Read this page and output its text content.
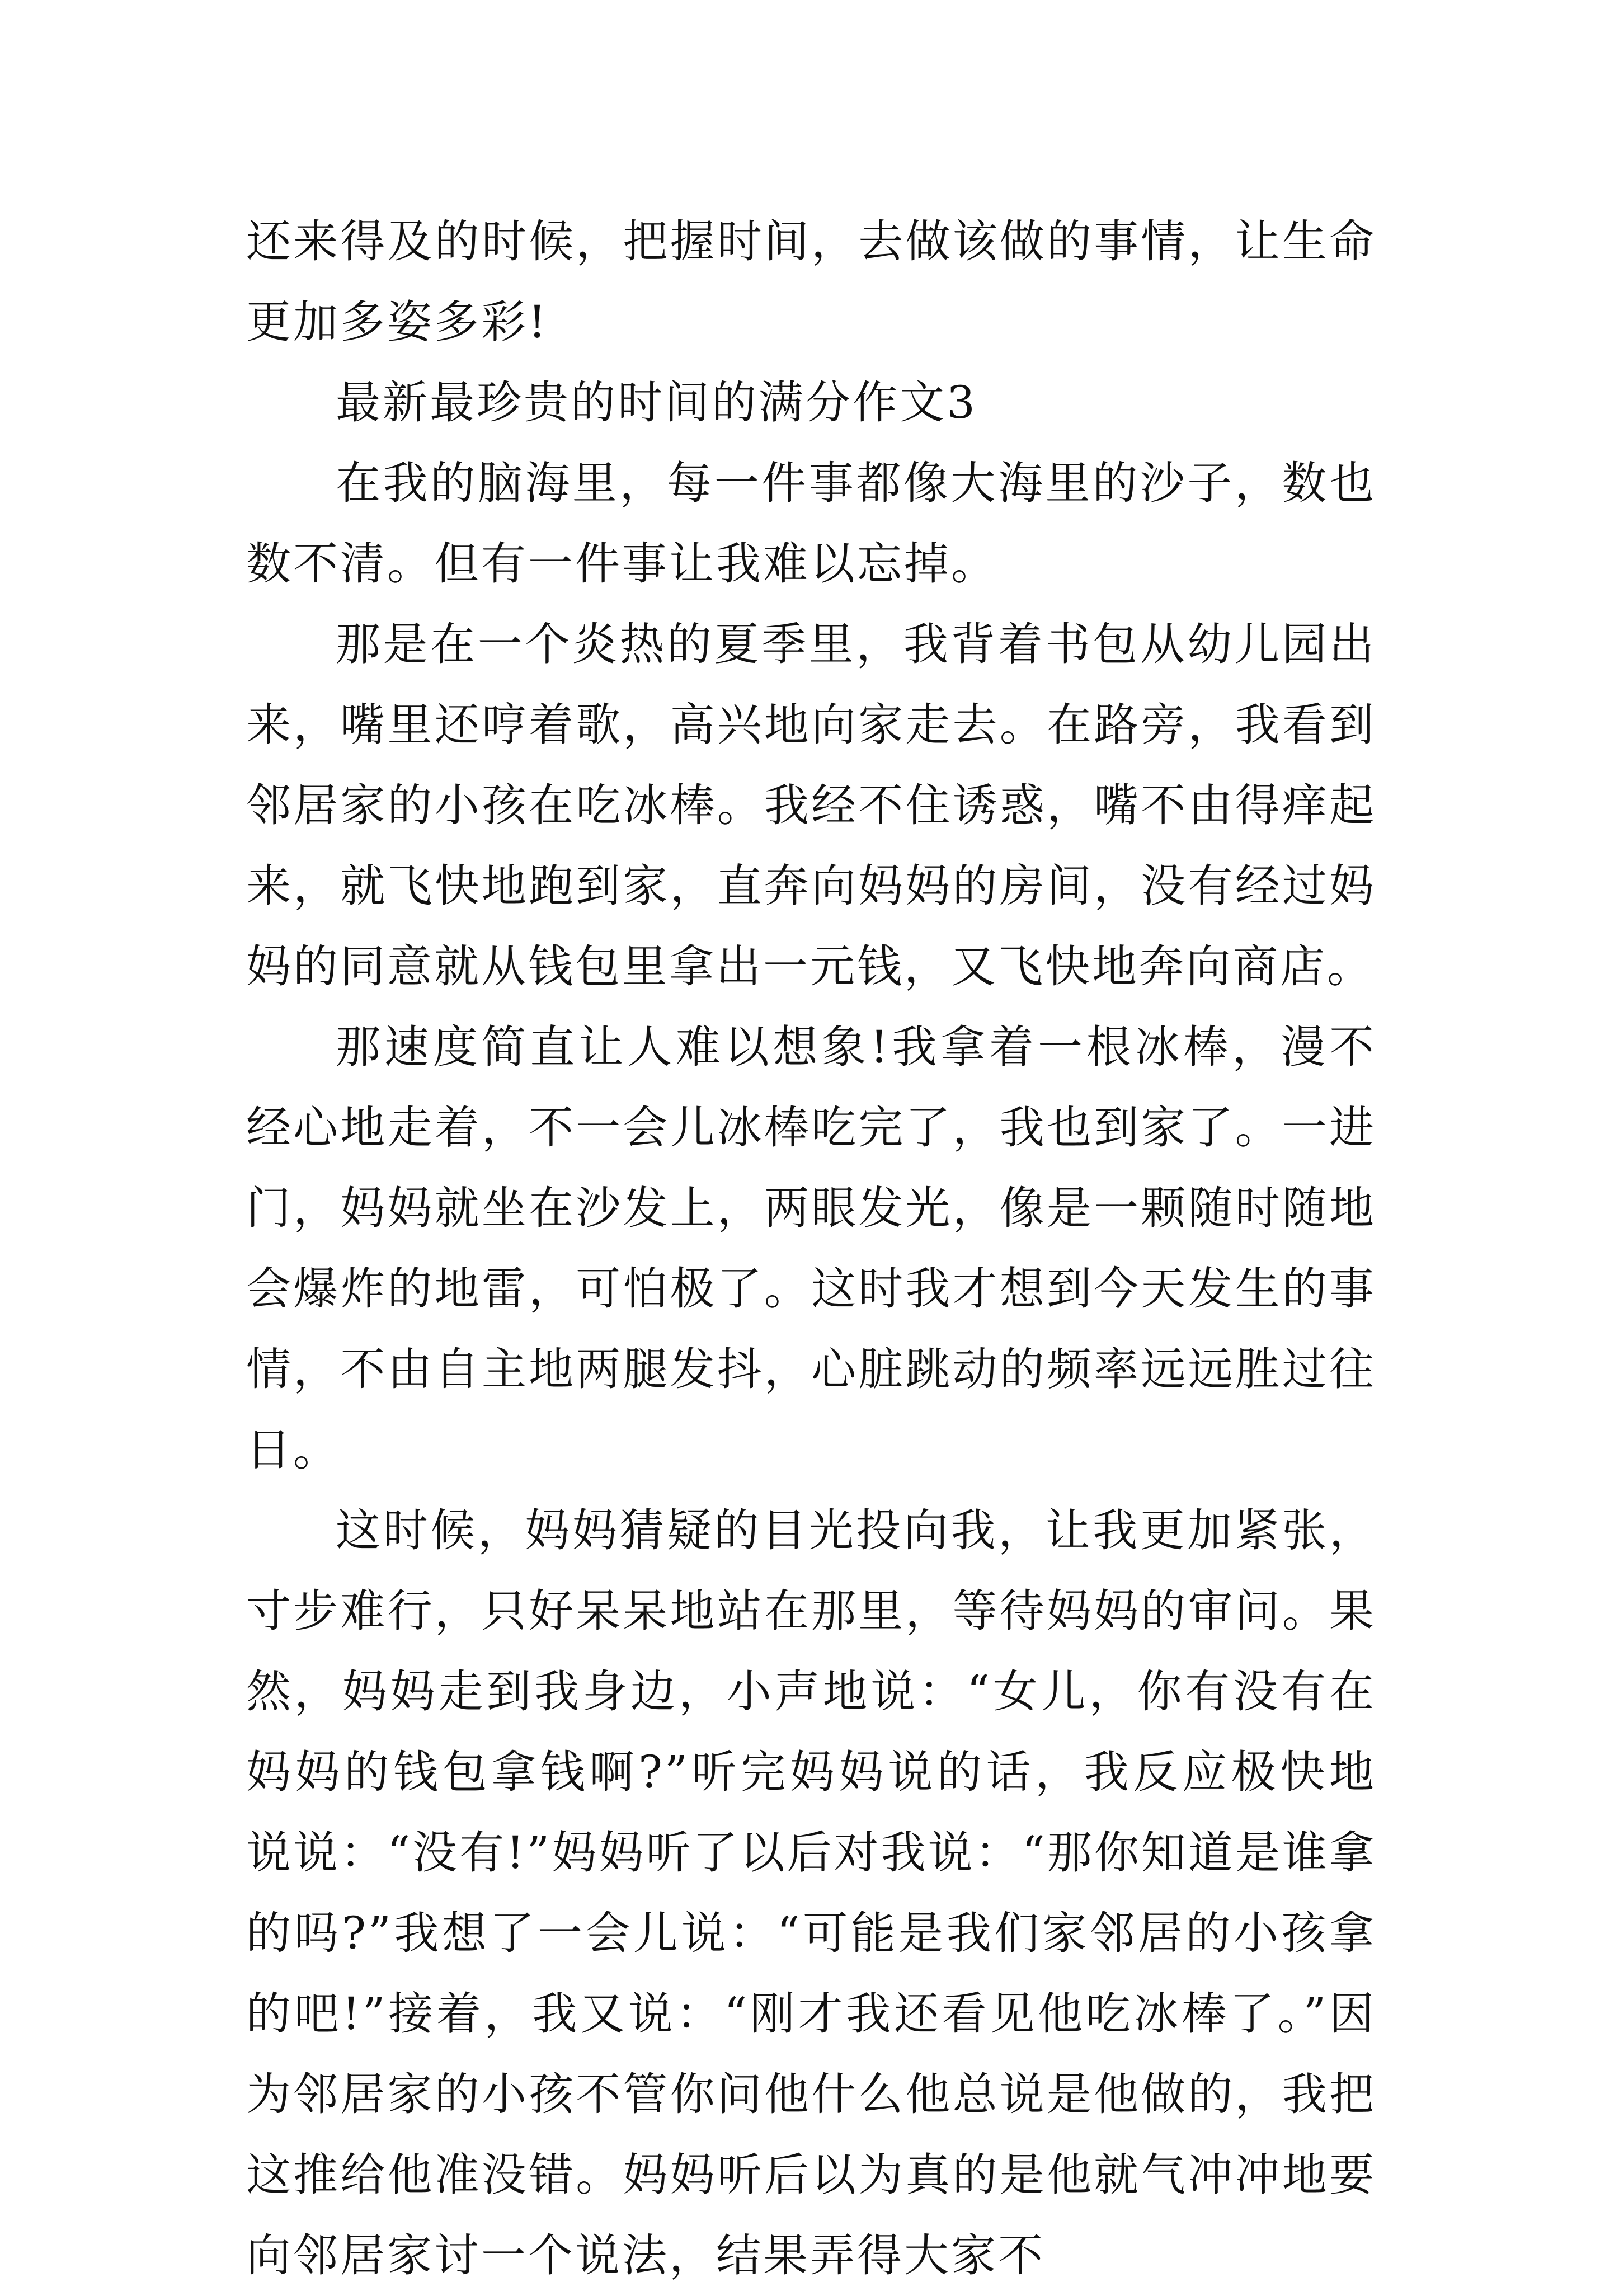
还来得及的时候，把握时间，去做该做的事情，让生命更加多姿多彩!

最新最珍贵的时间的满分作文3

在我的脑海里，每一件事都像大海里的沙子，数也数不清。但有一件事让我难以忘掉。

那是在一个炎热的夏季里，我背着书包从幼儿园出来，嘴里还哼着歌，高兴地向家走去。在路旁，我看到邻居家的小孩在吃冰棒。我经不住诱惑，嘴不由得痒起来，就飞快地跑到家，直奔向妈妈的房间，没有经过妈妈的同意就从钱包里拿出一元钱，又飞快地奔向商店。

那速度简直让人难以想象!我拿着一根冰棒，漫不经心地走着，不一会儿冰棒吃完了，我也到家了。一进门，妈妈就坐在沙发上，两眼发光，像是一颗随时随地会爆炸的地雷，可怕极了。这时我才想到今天发生的事情，不由自主地两腿发抖，心脏跳动的频率远远胜过往日。

这时候，妈妈猜疑的目光投向我，让我更加紧张，寸步难行，只好呆呆地站在那里，等待妈妈的审问。果然，妈妈走到我身边，小声地说：“女儿，你有没有在妈妈的钱包拿钱啊?”听完妈妈说的话，我反应极快地说说：“没有!”妈妈听了以后对我说：“那你知道是谁拿的吗?”我想了一会儿说：“可能是我们家邻居的小孩拿的吧!”接着，我又说：“刚才我还看见他吃冰棒了。”因为邻居家的小孩不管你问他什么他总说是他做的，我把这推给他准没错。妈妈听后以为真的是他就气冲冲地要向邻居家讨一个说法，结果弄得大家不
